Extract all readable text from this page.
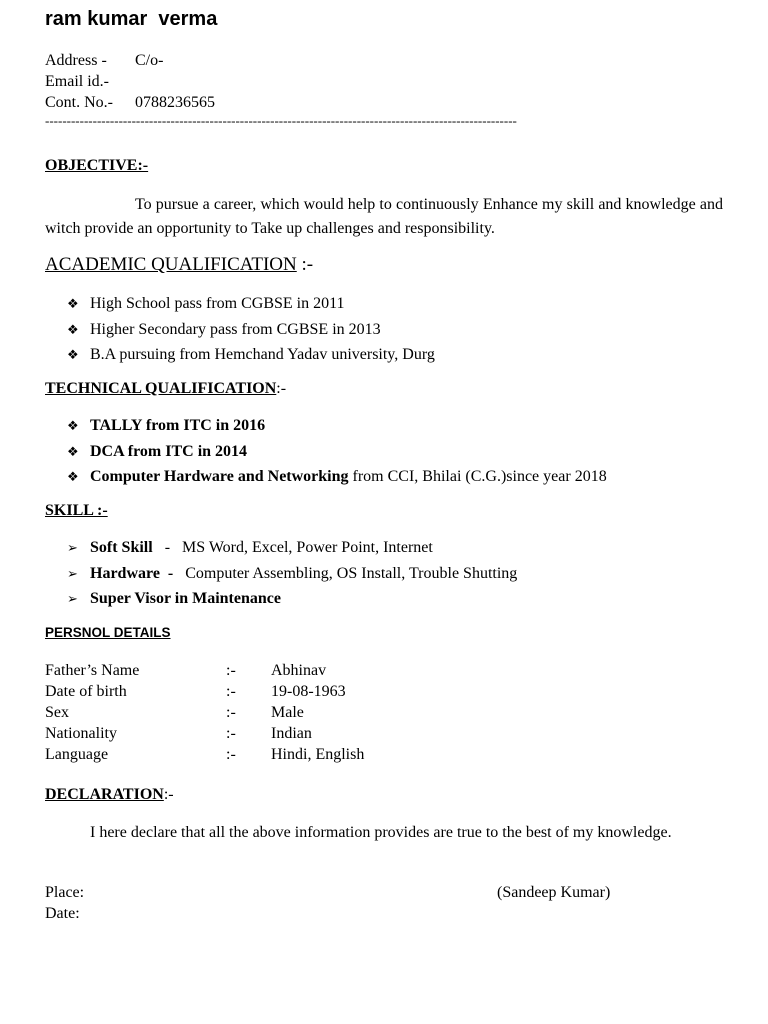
ram kumar  verma
Address - C/o-
Email id.-
Cont. No.- 0788236565
-------------------------------------------------------------------------------------------------------------
OBJECTIVE:-
To pursue a career, which would help to continuously Enhance my skill and knowledge and witch provide an opportunity to Take up challenges and responsibility.
ACADEMIC QUALIFICATION :-
❖ High School pass from CGBSE in 2011
❖ Higher Secondary pass from CGBSE in 2013
❖ B.A pursuing from Hemchand Yadav university, Durg
TECHNICAL QUALIFICATION:-
❖ TALLY from ITC in 2016
❖ DCA from ITC in 2014
❖ Computer Hardware and Networking from CCI, Bhilai (C.G.)since year 2018
SKILL :-
➢ Soft Skill   -   MS Word, Excel, Power Point, Internet
➢ Hardware  -   Computer Assembling, OS Install, Trouble Shutting
➢ Super Visor in Maintenance
PERSNOL DETAILS
Father’s Name	:-	Abhinav
Date of birth	:-	19-08-1963
Sex	:-	Male
Nationality	:-	Indian
Language	:-	Hindi, English
DECLARATION:-
I here declare that all the above information provides are true to the best of my knowledge.
Place:
Date:
(Sandeep Kumar)
